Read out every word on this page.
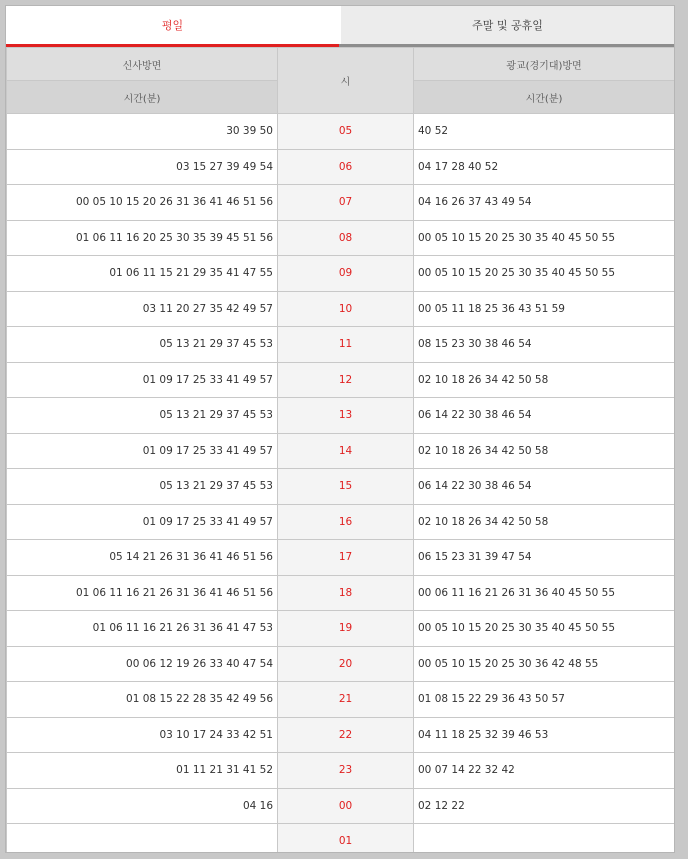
평일	주말 및 공휴일
신사방면	시	광교(경기대)방면
시간(분)		시간(분)
30 39 50	05	40 52
03 15 27 39 49 54	06	04 17 28 40 52
00 05 10 15 20 26 31 36 41 46 51 56	07	04 16 26 37 43 49 54
01 06 11 16 20 25 30 35 39 45 51 56	08	00 05 10 15 20 25 30 35 40 45 50 55
01 06 11 15 21 29 35 41 47 55	09	00 05 10 15 20 25 30 35 40 45 50 55
03 11 20 27 35 42 49 57	10	00 05 11 18 25 36 43 51 59
05 13 21 29 37 45 53	11	08 15 23 30 38 46 54
01 09 17 25 33 41 49 57	12	02 10 18 26 34 42 50 58
05 13 21 29 37 45 53	13	06 14 22 30 38 46 54
01 09 17 25 33 41 49 57	14	02 10 18 26 34 42 50 58
05 13 21 29 37 45 53	15	06 14 22 30 38 46 54
01 09 17 25 33 41 49 57	16	02 10 18 26 34 42 50 58
05 14 21 26 31 36 41 46 51 56	17	06 15 23 31 39 47 54
01 06 11 16 21 26 31 36 41 46 51 56	18	00 06 11 16 21 26 31 36 40 45 50 55
01 06 11 16 21 26 31 36 41 47 53	19	00 05 10 15 20 25 30 35 40 45 50 55
00 06 12 19 26 33 40 47 54	20	00 05 10 15 20 25 30 36 42 48 55
01 08 15 22 28 35 42 49 56	21	01 08 15 22 29 36 43 50 57
03 10 17 24 33 42 51	22	04 11 18 25 32 39 46 53
01 11 21 31 41 52	23	00 07 14 22 32 42
04 16	00	02 12 22
	01	
